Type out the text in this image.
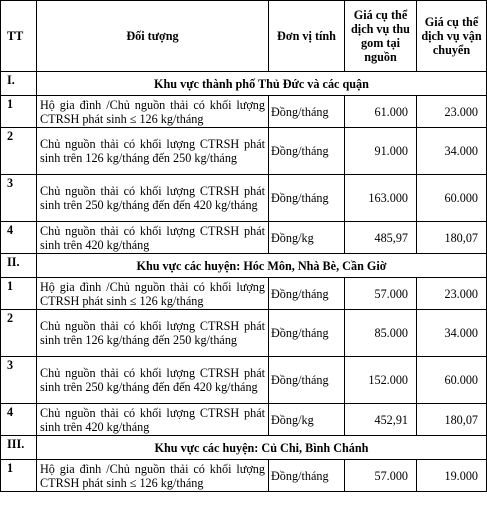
TT	Đối tượng	Đơn vị tính	Giá cụ thể dịch vụ thu gom tại nguồn	Giá cụ thể dịch vụ vận chuyển
I.	Khu vực thành phố Thủ Đức và các quận			
1	Hộ gia đình /Chủ nguồn thải có khối lượng CTRSH phát sinh ≤ 126 kg/tháng	Đồng/tháng	61.000	23.000
2	Chủ nguồn thải có khối lượng CTRSH phát sinh trên 126 kg/tháng đến 250 kg/tháng	Đồng/tháng	91.000	34.000
3	Chủ nguồn thải có khối lượng CTRSH phát sinh trên 250 kg/tháng đến đến 420 kg/tháng	Đồng/tháng	163.000	60.000
4	Chủ nguồn thải có khối lượng CTRSH phát sinh trên 420 kg/tháng	Đồng/kg	485,97	180,07
II.	Khu vực các huyện: Hóc Môn, Nhà Bè, Cần Giờ			
1	Hộ gia đình /Chủ nguồn thải có khối lượng CTRSH phát sinh ≤ 126 kg/tháng	Đồng/tháng	57.000	23.000
2	Chủ nguồn thải có khối lượng CTRSH phát sinh trên 126 kg/tháng đến 250 kg/tháng	Đồng/tháng	85.000	34.000
3	Chủ nguồn thải có khối lượng CTRSH phát sinh trên 250 kg/tháng đến đến 420 kg/tháng	Đồng/tháng	152.000	60.000
4	Chủ nguồn thải có khối lượng CTRSH phát sinh trên 420 kg/tháng	Đồng/kg	452,91	180,07
III.	Khu vực các huyện: Củ Chi, Bình Chánh			
1	Hộ gia đình /Chủ nguồn thải có khối lượng CTRSH phát sinh ≤ 126 kg/tháng	Đồng/tháng	57.000	19.000
